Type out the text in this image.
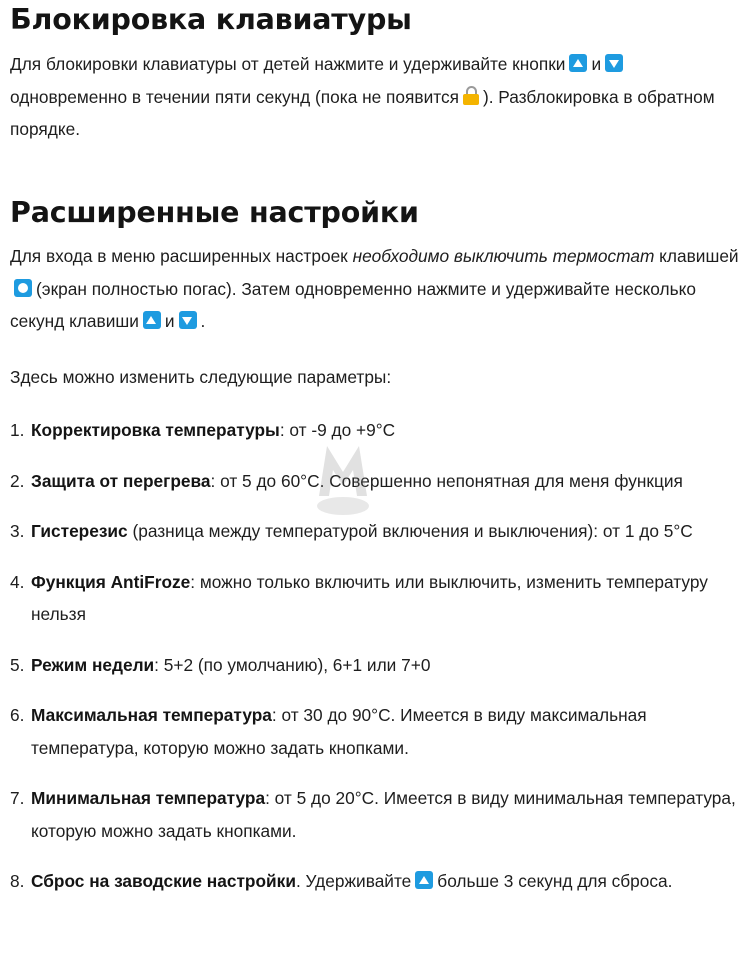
Блокировка клавиатуры

Для блокировки клавиатуры от детей нажмите и удерживайте кнопки и
одновременно в течении пяти секунд (пока не появится ). Разблокировка в обратном порядке.

Расширенные настройки

Для входа в меню расширенных настроек необходимо выключить термостат клавишей(экран полностью погас). Затем одновременно нажмите и удерживайте несколько секунд клавиши и .

Здесь можно изменить следующие параметры:

1. Корректировка температуры: от -9 до +9°C
2. Защита от перегрева: от 5 до 60°C. Совершенно непонятная для меня функция
3. Гистерезис (разница между температурой включения и выключения): от 1 до 5°C
4. Функция AntiFroze: можно только включить или выключить, изменить температуру нельзя
5. Режим недели: 5+2 (по умолчанию), 6+1 или 7+0
6. Максимальная температура: от 30 до 90°C. Имеется в виду максимальная температура, которую можно задать кнопками.
7. Минимальная температура: от 5 до 20°C. Имеется в виду минимальная температура, которую можно задать кнопками.
8. Сброс на заводские настройки. Удерживайте больше 3 секунд для сброса.
